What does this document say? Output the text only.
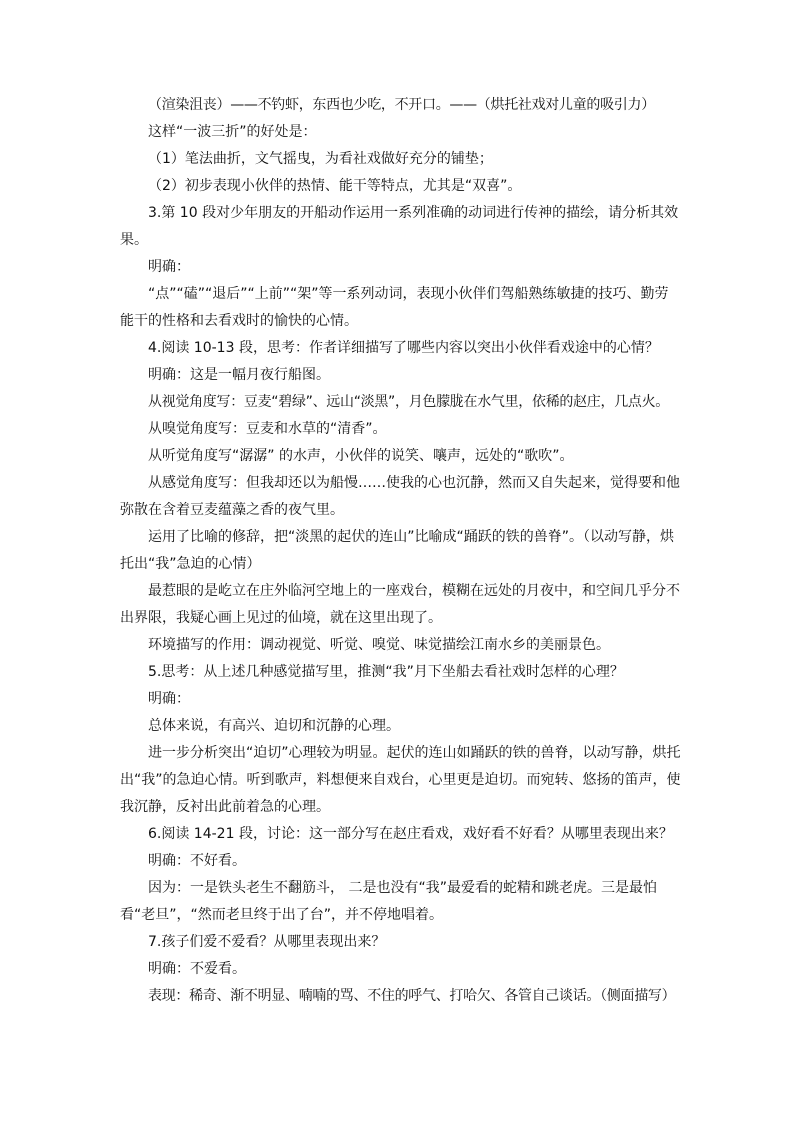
（渲染沮丧）——不钓虾，东西也少吃，不开口。——（烘托社戏对儿童的吸引力）

这样“一波三折”的好处是：

（1）笔法曲折，文气摇曳，为看社戏做好充分的铺垫；

（2）初步表现小伙伴的热情、能干等特点，尤其是“双喜”。

3.第 10 段对少年朋友的开船动作运用一系列准确的动词进行传神的描绘，请分析其效果。

明确：

“点”“磕”“退后”“上前”“架”等一系列动词，表现小伙伴们驾船熟练敏捷的技巧、勤劳能干的性格和去看戏时的愉快的心情。

4.阅读 10-13 段，思考：作者详细描写了哪些内容以突出小伙伴看戏途中的心情？

明确：这是一幅月夜行船图。

从视觉角度写：豆麦“碧绿”、远山“淡黑”，月色朦胧在水气里，依稀的赵庄，几点火。

从嗅觉角度写：豆麦和水草的“清香”。

从听觉角度写“潺潺” 的水声，小伙伴的说笑、嚷声，远处的“歌吹”。

从感觉角度写：但我却还以为船慢……使我的心也沉静，然而又自失起来，觉得要和他弥散在含着豆麦蕴藻之香的夜气里。

运用了比喻的修辞，把“淡黑的起伏的连山”比喻成“踊跃的铁的兽脊”。（以动写静，烘托出“我”急迫的心情）

最惹眼的是屹立在庄外临河空地上的一座戏台，模糊在远处的月夜中，和空间几乎分不出界限，我疑心画上见过的仙境，就在这里出现了。

环境描写的作用：调动视觉、听觉、嗅觉、味觉描绘江南水乡的美丽景色。

5.思考：从上述几种感觉描写里，推测“我”月下坐船去看社戏时怎样的心理？

明确：

总体来说，有高兴、迫切和沉静的心理。

进一步分析突出“迫切”心理较为明显。起伏的连山如踊跃的铁的兽脊，以动写静，烘托出“我”的急迫心情。听到歌声，料想便来自戏台，心里更是迫切。而宛转、悠扬的笛声，使我沉静，反衬出此前着急的心理。

6.阅读 14-21 段，讨论：这一部分写在赵庄看戏，戏好看不好看？从哪里表现出来？

明确：不好看。

因为：一是铁头老生不翻筋斗， 二是也没有“我”最爱看的蛇精和跳老虎。三是最怕看“老旦”，“然而老旦终于出了台”，并不停地唱着。

7.孩子们爱不爱看？从哪里表现出来？

明确：不爱看。

表现：稀奇、渐不明显、喃喃的骂、不住的呼气、打哈欠、各管自己谈话。（侧面描写）
